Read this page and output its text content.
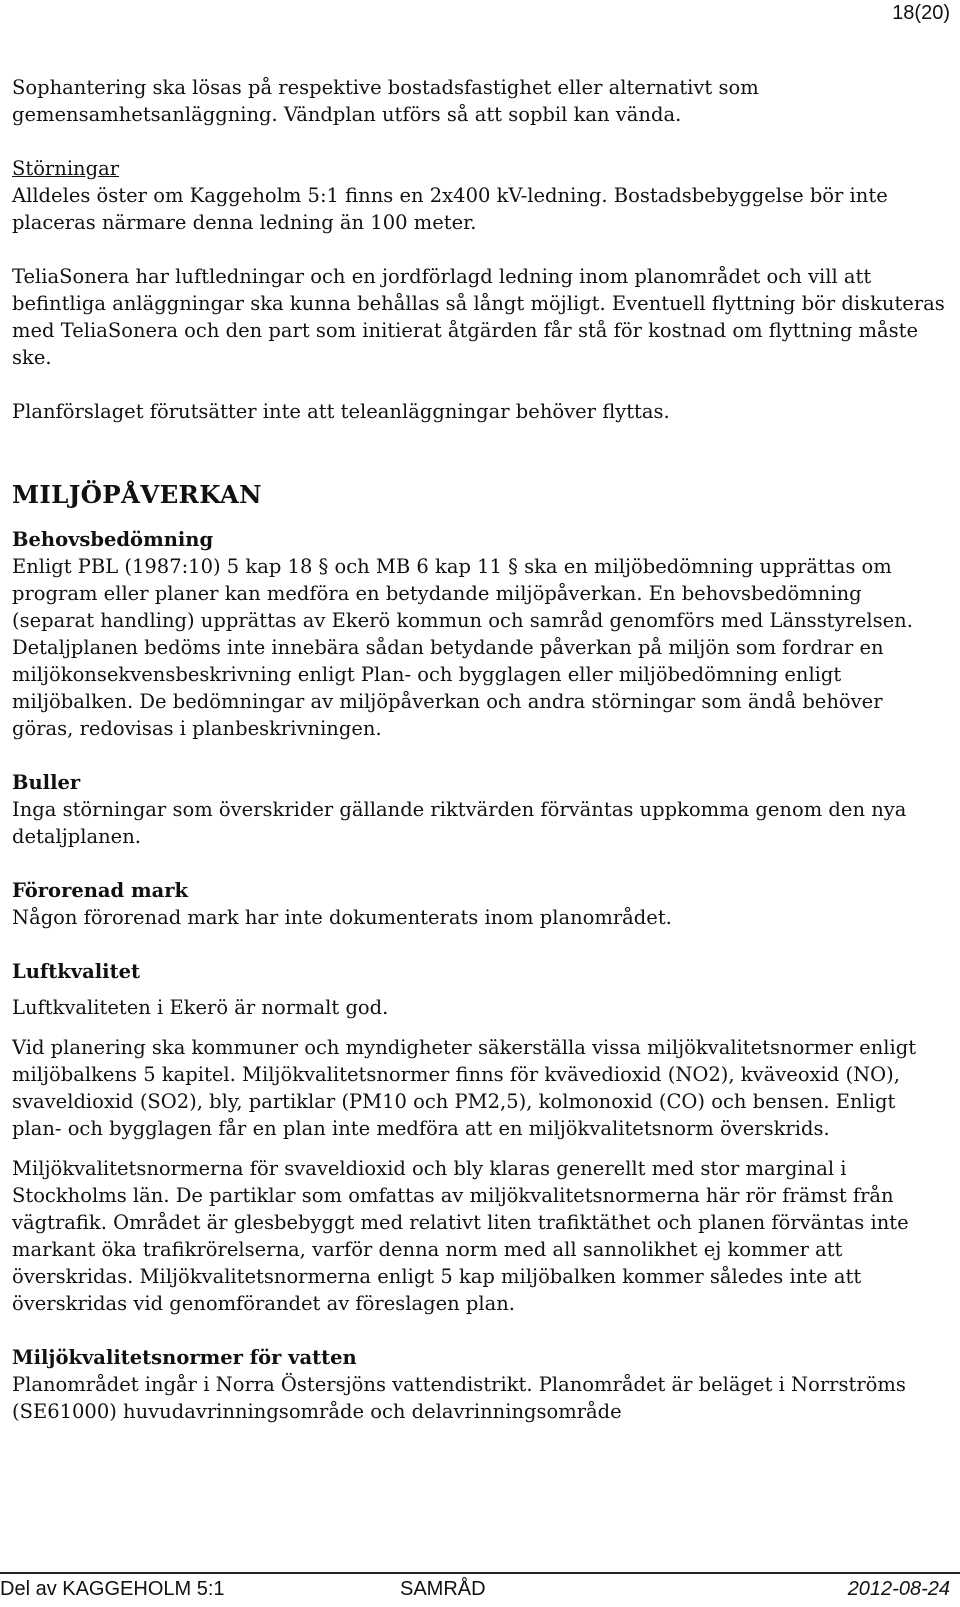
18(20)

Sophantering ska lösas på respektive bostadsfastighet eller alternativt som gemensamhetsanläggning. Vändplan utförs så att sopbil kan vända.

Störningar

Alldeles öster om Kaggeholm 5:1 finns en 2x400 kV-ledning. Bostadsbebyggelse bör inte placeras närmare denna ledning än 100 meter.

TeliaSonera har luftledningar och en jordförlagd ledning inom planområdet och vill att befintliga anläggningar ska kunna behållas så långt möjligt. Eventuell flyttning bör diskuteras med TeliaSonera och den part som initierat åtgärden får stå för kostnad om flyttning måste ske.

Planförslaget förutsätter inte att teleanläggningar behöver flyttas.

MILJÖPÅVERKAN

Behovsbedömning

Enligt PBL (1987:10) 5 kap 18 § och MB 6 kap 11 § ska en miljöbedömning upprättas om program eller planer kan medföra en betydande miljöpåverkan. En behovsbedömning (separat handling) upprättas av Ekerö kommun och samråd genomförs med Länsstyrelsen. Detaljplanen bedöms inte innebära sådan betydande påverkan på miljön som fordrar en miljökonsekvensbeskrivning enligt Plan- och bygglagen eller miljöbedömning enligt miljöbalken. De bedömningar av miljöpåverkan och andra störningar som ändå behöver göras, redovisas i planbeskrivningen.

Buller

Inga störningar som överskrider gällande riktvärden förväntas uppkomma genom den nya detaljplanen.

Förorenad mark

Någon förorenad mark har inte dokumenterats inom planområdet.

Luftkvalitet

Luftkvaliteten i Ekerö är normalt god.

Vid planering ska kommuner och myndigheter säkerställa vissa miljökvalitetsnormer enligt miljöbalkens 5 kapitel. Miljökvalitetsnormer finns för kvävedioxid (NO2), kväveoxid (NO), svaveldioxid (SO2), bly, partiklar (PM10 och PM2,5), kolmonoxid (CO) och bensen. Enligt plan- och bygglagen får en plan inte medföra att en miljökvalitetsnorm överskrids.

Miljökvalitetsnormerna för svaveldioxid och bly klaras generellt med stor marginal i Stockholms län. De partiklar som omfattas av miljökvalitetsnormerna här rör främst från vägtrafik. Området är glesbebyggt med relativt liten trafiktäthet och planen förväntas inte markant öka trafikrörelserna, varför denna norm med all sannolikhet ej kommer att överskridas. Miljökvalitetsnormerna enligt 5 kap miljöbalken kommer således inte att överskridas vid genomförandet av föreslagen plan.

Miljökvalitetsnormer för vatten

Planområdet ingår i Norra Östersjöns vattendistrikt. Planområdet är beläget i Norrströms (SE61000) huvudavrinningsområde och delavrinningsområde

Del av KAGGEHOLM 5:1	SAMRÅD	2012-08-24
